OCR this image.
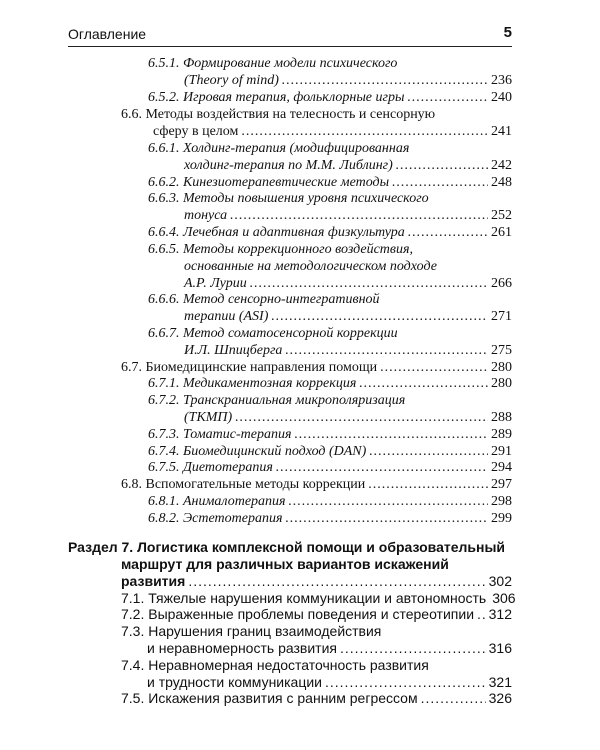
Оглавление	5
6.5.1. Формирование модели психического
(Theory of mind) .....	236
6.5.2.
Игровая терапия, фольклорные игры .....	240
6.6. Методы воздействия на телесность и сенсорную
сферу в целом .....	241
6.6.1. Холдинг-терапия (модифицированная
холдинг-терапия по М.М. Либлинг) .....	242
6.6.2.
Кинезиотерапевтические методы .....	248
6.6.3. Методы повышения уровня психического
тонуса .....	252
6.6.4.
Лечебная и адаптивная физкультура .....	261
6.6.5. Методы коррекционного воздействия,
основанные на методологическом подходе
А.Р. Лурии .....	266
6.6.6. Метод сенсорно-интегративной
терапии (ASI) .....	271
6.6.7. Метод соматосенсорной коррекции
И.Л. Шпицберга .....	275
6.7.
Биомедицинские направления помощи .....	280
6.7.1.
Медикаментозная коррекция .....	280
6.7.2. Транскраниальная микрополяризация
(ТКМП) .....	288
6.7.3.
Томатис-терапия .....	289
6.7.4.
Биомедицинский подход (DAN) .....	291
6.7.5.
Диетотерапия .....	294
6.8.
Вспомогательные методы коррекции .....	297
6.8.1.
Анималотерапия .....	298
6.8.2.
Эстетотерапия .....	299
Раздел 7. Логистика комплексной помощи и образовательный
маршрут для различных вариантов искажений
развития .....	302
7.1.
Тяжелые нарушения коммуникации и автономность 306
7.2.
Выраженные проблемы поведения и стереотипии ..... 312
7.3. Нарушения границ взаимодействия
и неравномерность развития .....	316
7.4. Неравномерная недостаточность развития
и трудности коммуникации .....	321
7.5.
Искажения развития с ранним регрессом .....	326
